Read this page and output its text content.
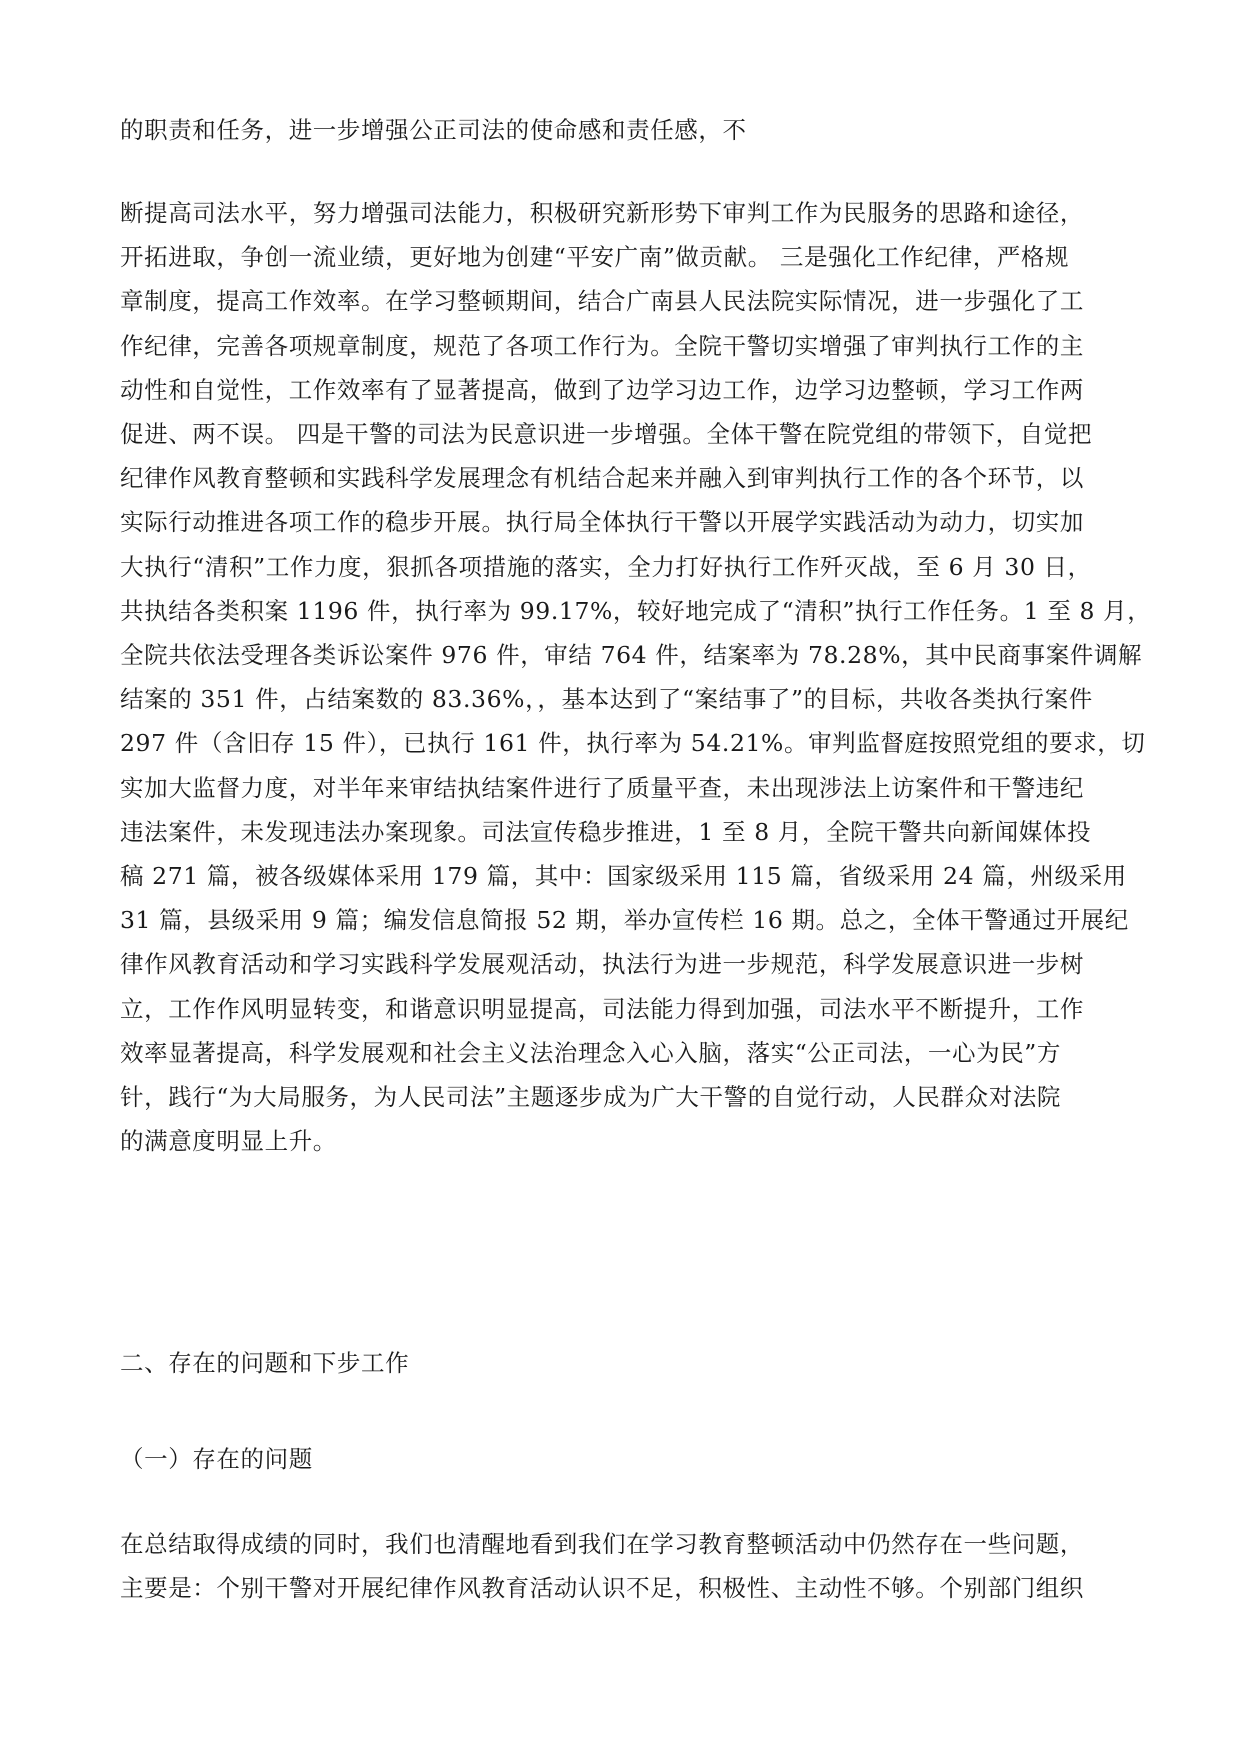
的职责和任务，进一步增强公正司法的使命感和责任感，不
断提高司法水平，努力增强司法能力，积极研究新形势下审判工作为民服务的思路和途径，
开拓进取，争创一流业绩，更好地为创建“平安广南”做贡献。 三是强化工作纪律，严格规
章制度，提高工作效率。在学习整顿期间，结合广南县人民法院实际情况，进一步强化了工
作纪律，完善各项规章制度，规范了各项工作行为。全院干警切实增强了审判执行工作的主
动性和自觉性，工作效率有了显著提高，做到了边学习边工作，边学习边整顿，学习工作两
促进、两不误。 四是干警的司法为民意识进一步增强。全体干警在院党组的带领下，自觉把
纪律作风教育整顿和实践科学发展理念有机结合起来并融入到审判执行工作的各个环节，以
实际行动推进各项工作的稳步开展。执行局全体执行干警以开展学实践活动为动力，切实加
大执行“清积”工作力度，狠抓各项措施的落实，全力打好执行工作歼灭战，至 6 月 30 日，
共执结各类积案 1196 件，执行率为 99.17%，较好地完成了“清积”执行工作任务。1 至 8 月，
全院共依法受理各类诉讼案件 976 件，审结 764 件，结案率为 78.28%，其中民商事案件调解
结案的 351 件，占结案数的 83.36%，，基本达到了“案结事了”的目标，共收各类执行案件
297 件（含旧存 15 件），已执行 161 件，执行率为 54.21%。审判监督庭按照党组的要求，切
实加大监督力度，对半年来审结执结案件进行了质量平查，未出现涉法上访案件和干警违纪
违法案件，未发现违法办案现象。司法宣传稳步推进，1 至 8 月，全院干警共向新闻媒体投
稿 271 篇，被各级媒体采用 179 篇，其中：国家级采用 115 篇，省级采用 24 篇，州级采用
31 篇，县级采用 9 篇；编发信息简报 52 期，举办宣传栏 16 期。总之，全体干警通过开展纪
律作风教育活动和学习实践科学发展观活动，执法行为进一步规范，科学发展意识进一步树
立，工作作风明显转变，和谐意识明显提高，司法能力得到加强，司法水平不断提升，工作
效率显著提高，科学发展观和社会主义法治理念入心入脑，落实“公正司法，一心为民”方
针，践行“为大局服务，为人民司法”主题逐步成为广大干警的自觉行动，人民群众对法院
的满意度明显上升。
二、存在的问题和下步工作
（一）存在的问题
在总结取得成绩的同时，我们也清醒地看到我们在学习教育整顿活动中仍然存在一些问题，
主要是：个别干警对开展纪律作风教育活动认识不足，积极性、主动性不够。个别部门组织
